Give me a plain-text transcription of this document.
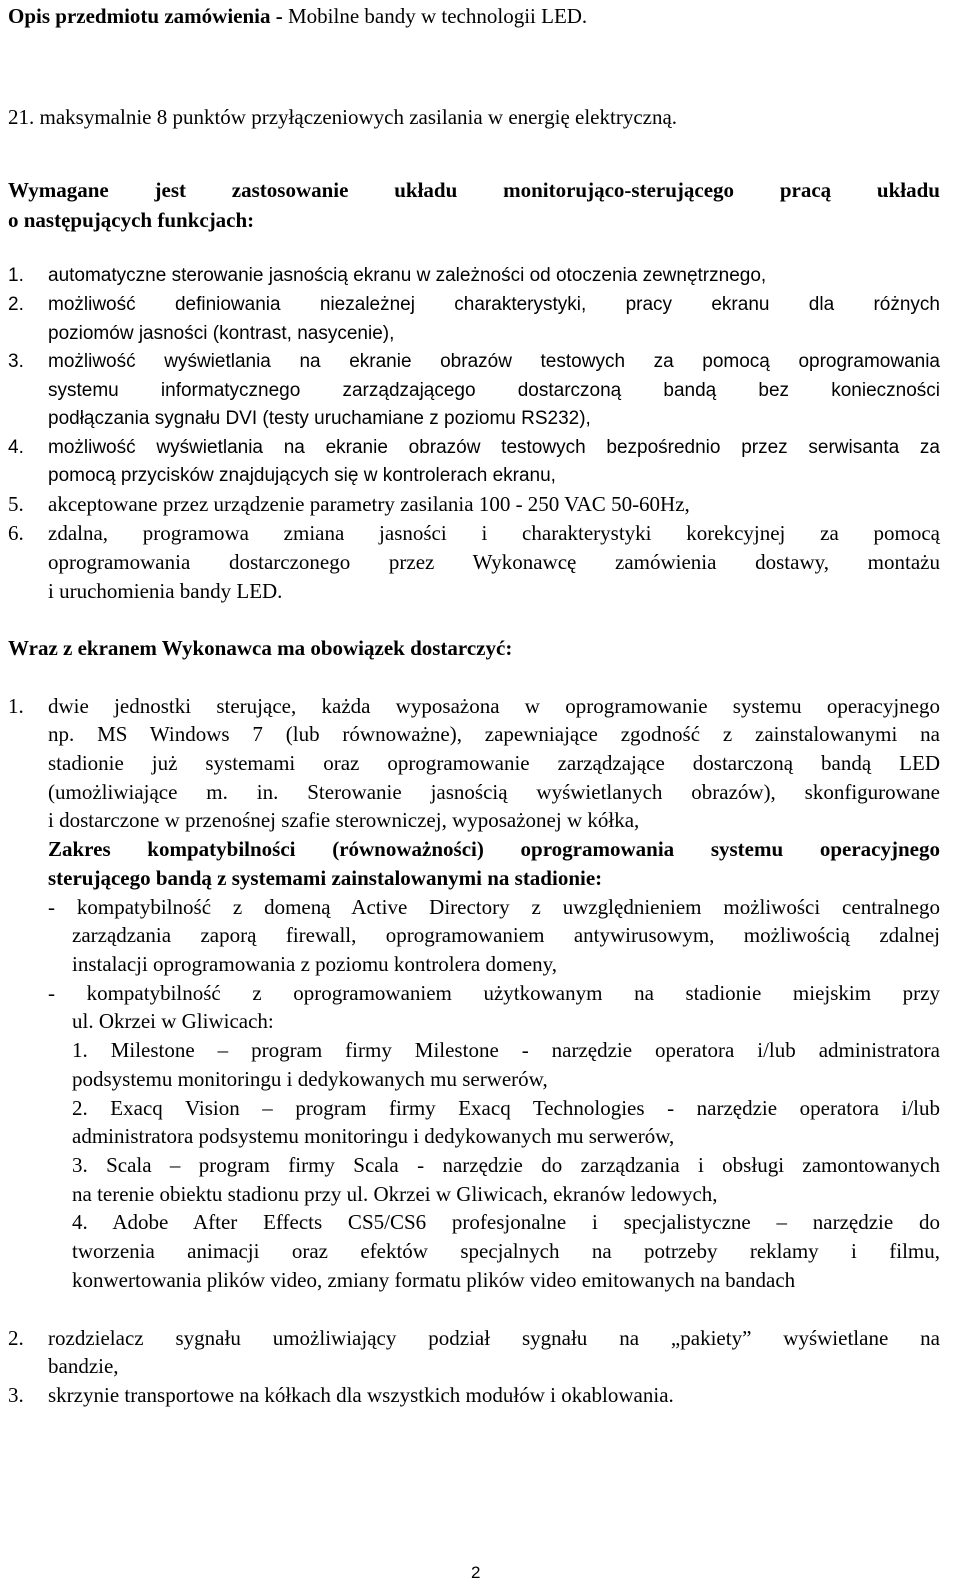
Opis przedmiotu zamówienia - Mobilne bandy w technologii LED.
21. maksymalnie 8 punktów przyłączeniowych zasilania w energię elektryczną.
Wymagane jest zastosowanie układu monitorująco-sterującego pracą układu
o następujących funkcjach:
1. automatyczne sterowanie jasnością ekranu w zależności od otoczenia zewnętrznego,
2. możliwość definiowania niezależnej charakterystyki, pracy ekranu dla różnych
poziomów jasności (kontrast, nasycenie),
3. możliwość wyświetlania na ekranie obrazów testowych za pomocą oprogramowania
systemu informatycznego zarządzającego dostarczoną bandą bez konieczności
podłączania sygnału DVI (testy uruchamiane z poziomu RS232),
4. możliwość wyświetlania na ekranie obrazów testowych bezpośrednio przez serwisanta za
pomocą przycisków znajdujących się w kontrolerach ekranu,
5. akceptowane przez urządzenie parametry zasilania 100 - 250 VAC 50-60Hz,
6. zdalna, programowa zmiana jasności i charakterystyki korekcyjnej za pomocą
oprogramowania dostarczonego przez Wykonawcę zamówienia dostawy, montażu
i uruchomienia bandy LED.
Wraz z ekranem Wykonawca ma obowiązek dostarczyć:
1. dwie jednostki sterujące, każda wyposażona w oprogramowanie systemu operacyjnego
np. MS Windows 7 (lub równoważne), zapewniające zgodność z zainstalowanymi na
stadionie już systemami oraz oprogramowanie zarządzające dostarczoną bandą LED
(umożliwiające m. in. Sterowanie jasnością wyświetlanych obrazów), skonfigurowane
i dostarczone w przenośnej szafie sterowniczej, wyposażonej w kółka,
Zakres kompatybilności (równoważności) oprogramowania systemu operacyjnego
sterującego bandą z systemami zainstalowanymi na stadionie:
- kompatybilność z domeną Active Directory z uwzględnieniem możliwości centralnego
zarządzania zaporą firewall, oprogramowaniem antywirusowym, możliwością zdalnej
instalacji oprogramowania z poziomu kontrolera domeny,
- kompatybilność z oprogramowaniem użytkowanym na stadionie miejskim przy
ul. Okrzei w Gliwicach:
1. Milestone – program firmy Milestone - narzędzie operatora i/lub administratora
podsystemu monitoringu i dedykowanych mu serwerów,
2. Exacq Vision – program firmy Exacq Technologies - narzędzie operatora i/lub
administratora podsystemu monitoringu i dedykowanych mu serwerów,
3. Scala – program firmy Scala - narzędzie do zarządzania i obsługi zamontowanych
na terenie obiektu stadionu przy ul. Okrzei w Gliwicach, ekranów ledowych,
4. Adobe After Effects CS5/CS6 profesjonalne i specjalistyczne – narzędzie do
tworzenia animacji oraz efektów specjalnych na potrzeby reklamy i filmu,
konwertowania plików video, zmiany formatu plików video emitowanych na bandach
2. rozdzielacz sygnału umożliwiający podział sygnału na „pakiety” wyświetlane na
bandzie,
3. skrzynie transportowe na kółkach dla wszystkich modułów i okablowania.
2
